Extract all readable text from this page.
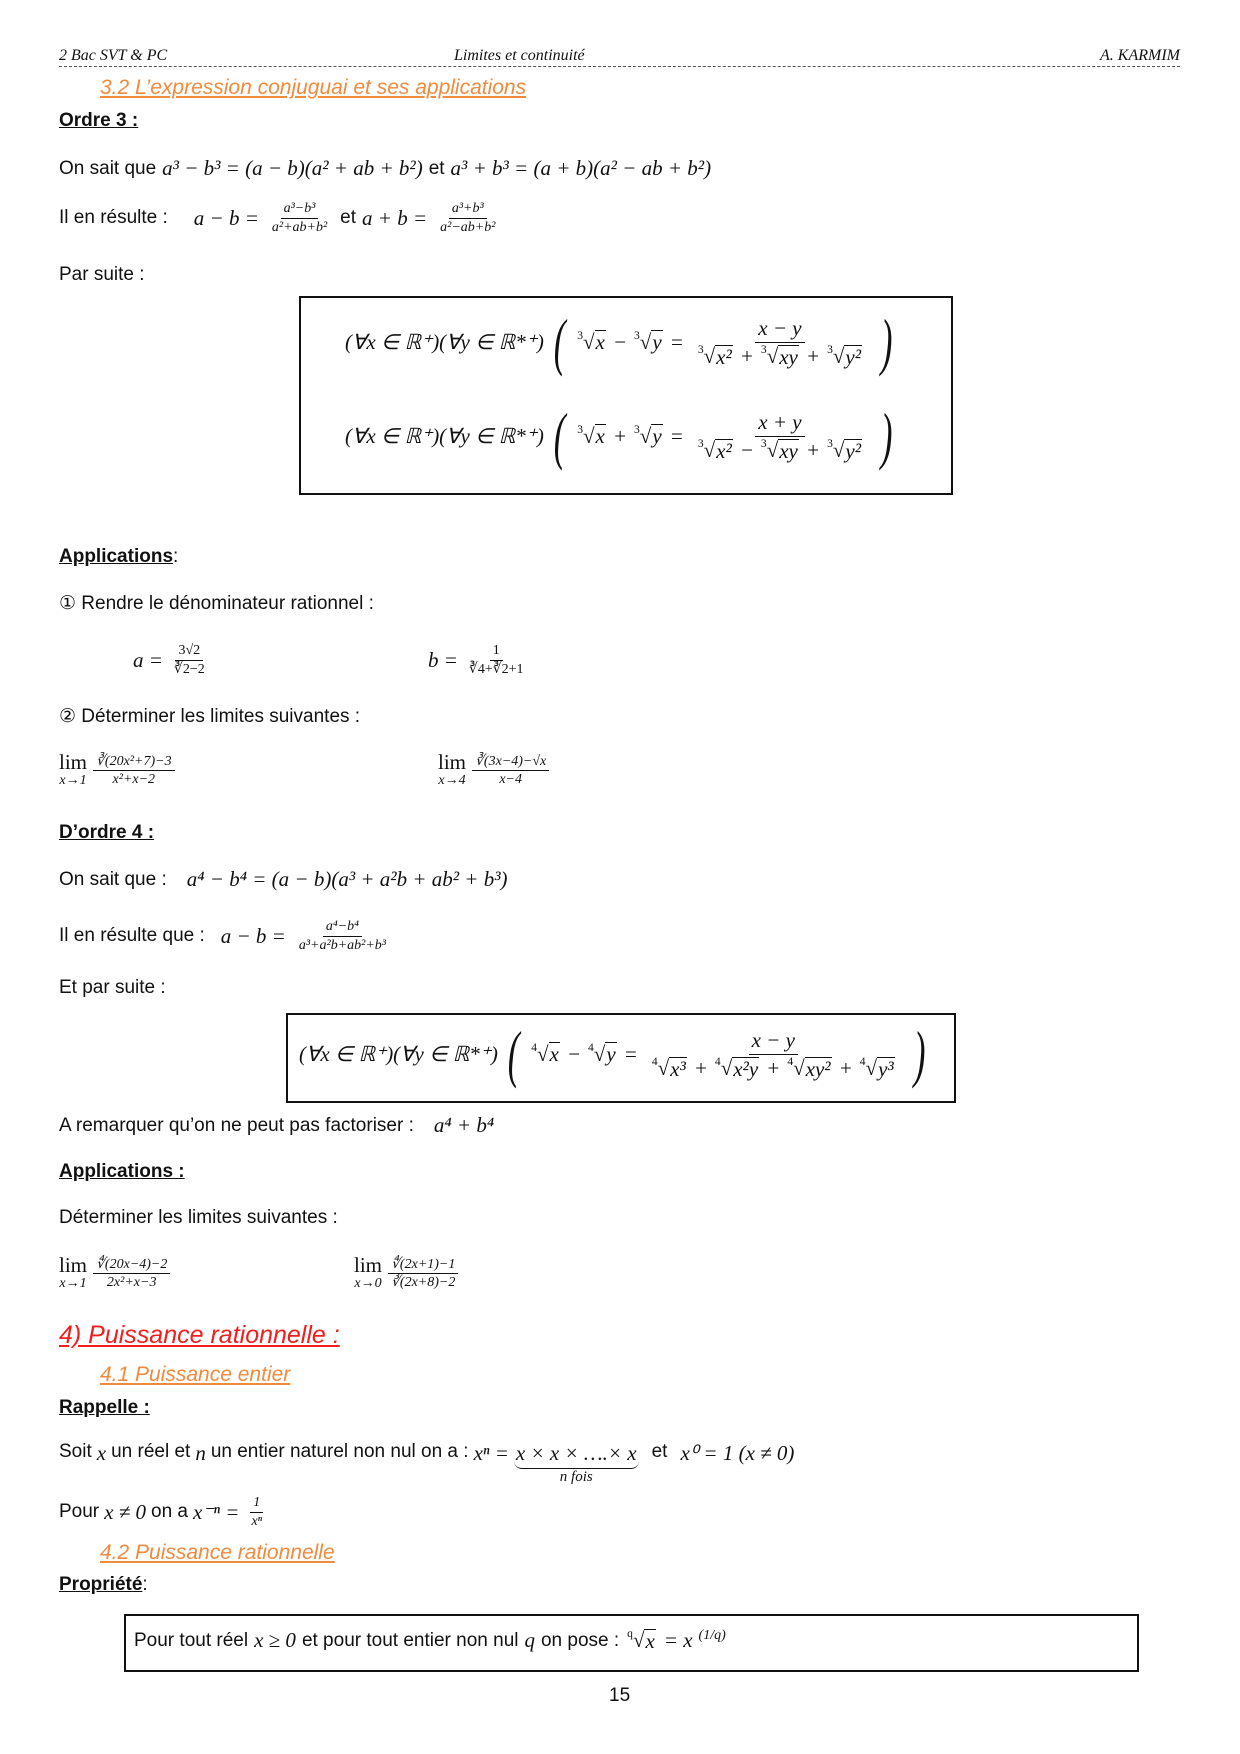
2 Bac SVT & PC	Limites et continuité	A. KARMIM
3.2 L’expression conjuguai et ses applications
Ordre 3 :
On sait que a³ − b³ = (a − b)(a² + ab + b²) et a³ + b³ = (a + b)(a² − ab + b²)
Il en résulte : $a - b = \frac{\text{a³−b³}}{\text{a²+ab+b²}}$ et $a + b = \frac{\text{a³+b³}}{\text{a²−ab+b²}}$
Par suite :
Applications :
① Rendre le dénominateur rationnel :
$a = \frac{3√2}{∛2-2}$	$b = \frac{1}{∛4+∛2+1}$
② Déterminer les limites suivantes :
lim
$x\to 1 \frac{\text{∛(20x²+7)−3}}{\text{x²+x−2}}$	lim
$x\to 4 \frac{∛(3x-4)-√x}{x-4}$
D’ordre 4 :
On sait que : a⁴ − b⁴ = (a − b)(a³ + a²b + ab² + b³)
Il en résulte que : $a - b = \frac{\text{a⁴−b⁴}}{\text{a³+a²b+ab²+b³}}$
Et par suite :
A remarquer qu’on ne peut pas factoriser : a⁴ + b⁴
Applications :
Déterminer les limites suivantes :
lim
$x\to 1 \frac{∜(20x-4)-2}{\text{2x²+x−3}}$	lim
$x\to 0 \frac{∜(2x+1)-1}{∛(2x+8)-2}$
4) Puissance rationnelle :
4.1 Puissance entier
Rappelle :
Soit x un réel et n un entier naturel non nul on a : xⁿ = x × x × ….× x
n fois
et x⁰ = 1 (x ≠ 0)
Pour x ≠ 0 on a $x^{-n} = \frac{1}{\text{xⁿ}}$
4.2 Puissance rationnelle
Propriété :
Pour tout réel x ≥ 0 et pour tout entier non nul q on pose : q √ x = x $^{(1/q)}$
15
(∀x ∈ ℝ⁺)(∀y ∈ ℝ*⁺) ( 3 √ x − 3 √ $y = \frac{x - y}{\text{3 √ x² + 3 √ xy + 3 √ y²}}$ )
(∀x ∈ ℝ⁺)(∀y ∈ ℝ*⁺) ( 3 √ x + 3 √ $y = \frac{x + y}{\text{3 √ x² − 3 √ xy + 3 √ y²}}$ )
(∀x ∈ ℝ⁺)(∀y ∈ ℝ*⁺) ( 4 √ x − 4 √ $y = \frac{x - y}{\text{4 √ x³ + 4 √ x²y + 4 √ xy² + 4 √ y³}}$ )
